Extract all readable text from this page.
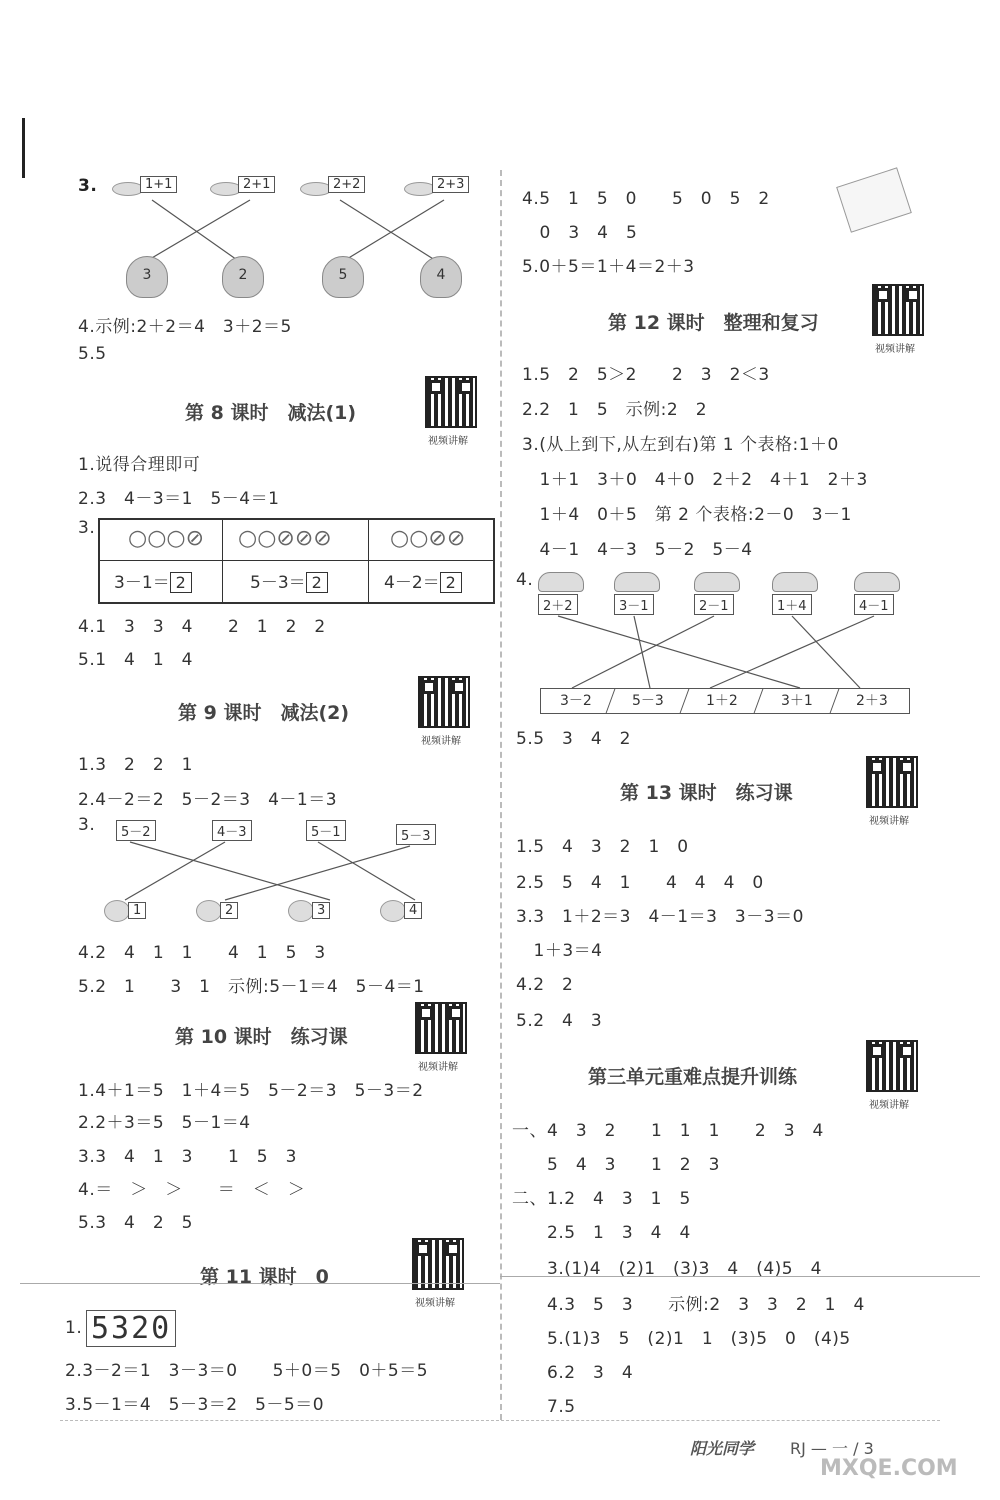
3.	1+1	2+1	2+2	2+3
3	2	5	4
4.示例:2＋2＝4　3＋2＝5
5.5
第 8 课时　减法(1)
视频讲解
1.说得合理即可
2.3　4－3＝1　5－4＝1
3. ○○○⊘ ○○⊘⊘⊘	○○⊘⊘
3－1＝ 2	5－3＝ 2	4－2＝ 2
4.1　3　3　4　　2　1　2　2
5.1　4　1　4
第 9 课时　减法(2)
视频讲解
1.3　2　2　1
2.4－2＝2　5－2＝3　4－1＝3
3.	5－2	4－3	5－1	5－3
1	2	3	4
4.2　4　1　1　　4　1　5　3
5.2　1　　3　1　示例:5－1＝4　5－4＝1
第 10 课时　练习课
视频讲解
1.4＋1＝5　1＋4＝5　5－2＝3　5－3＝2
2.2＋3＝5　5－1＝4
3.3　4　1　3　　1　5　3
4.＝　＞　＞　　＝　＜　＞
5.3　4　2　5
第 11 课时　0
视频讲解
1. 5320
2.3－2＝1　3－3＝0　　5＋0＝5　0＋5＝5
3.5－1＝4　5－3＝2　5－5＝0
4.5　1　5　0　　5　0　5　2
　0　3　4　5
5.0＋5＝1＋4＝2＋3
第 12 课时　整理和复习
视频讲解
1.5　2　5＞2　　2　3　2＜3
2.2　1　5　示例:2　2
3.(从上到下,从左到右)第 1 个表格:1＋0
　1＋1　3＋0　4＋0　2＋2　4＋1　2＋3
　1＋4　0＋5　第 2 个表格:2－0　3－1
　4－1　4－3　5－2　5－4
4.
2＋2	3－1	2－1	1＋4	4－1
3－2	5－3	1＋2	3＋1	2＋3
5.5　3　4　2
第 13 课时　练习课
视频讲解
1.5　4　3　2　1　0
2.5　5　4　1　　4　4　4　0
3.3　1＋2＝3　4－1＝3　3－3＝0
　1＋3＝4
4.2　2
5.2　4　3
第三单元重难点提升训练
视频讲解
一、4　3　2　　1　1　1　　2　3　4
　　5　4　3　　1　2　3
二、1.2　4　3　1　5
　　2.5　1　3　4　4
　　3.(1)4　(2)1　(3)3　4　(4)5　4
　　4.3　5　3　　示例:2　3　3　2　1　4
　　5.(1)3　5　(2)1　1　(3)5　0　(4)5
　　6.2　3　4
　　7.5
阳光同学 RJ — 一 / 3
MXQE.COM
